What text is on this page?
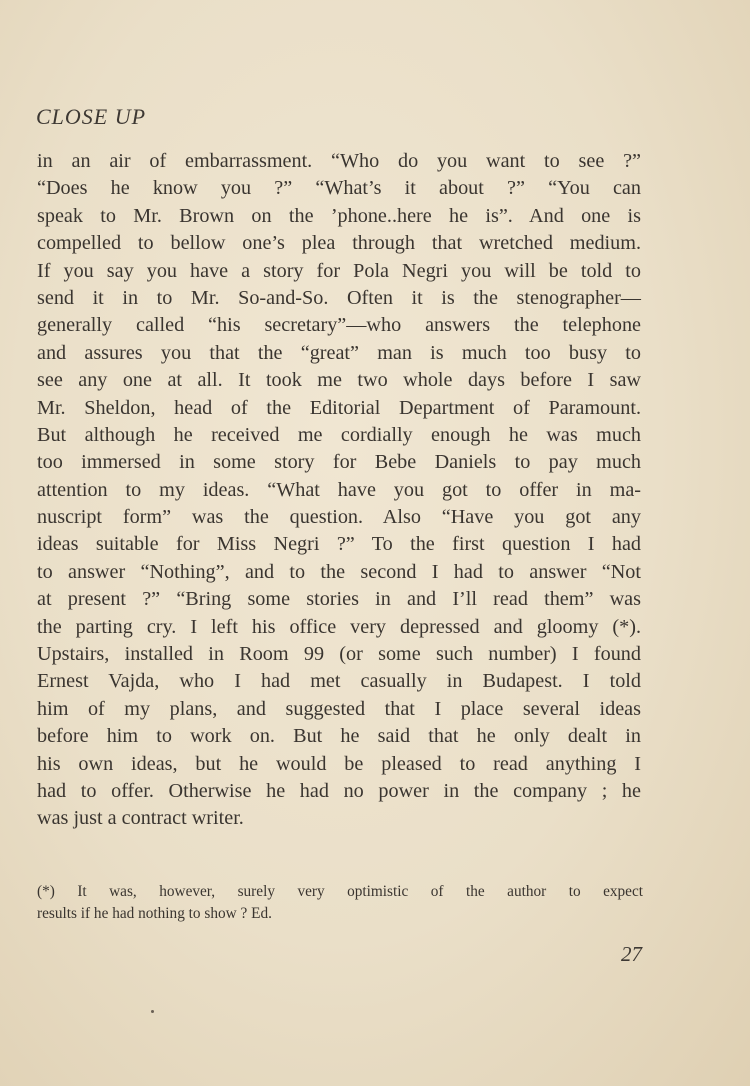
CLOSE UP
in an air of embarrassment. “Who do you want to see ?”
“Does he know you ?” “What’s it about ?” “You can
speak to Mr. Brown on the ’phone..here he is”. And one is
compelled to bellow one’s plea through that wretched medium.
If you say you have a story for Pola Negri you will be told to
send it in to Mr. So-and-So. Often it is the stenographer—
generally called “his secretary”—who answers the telephone
and assures you that the “great” man is much too busy to
see any one at all. It took me two whole days before I saw
Mr. Sheldon, head of the Editorial Department of Paramount.
But although he received me cordially enough he was much
too immersed in some story for Bebe Daniels to pay much
attention to my ideas. “What have you got to offer in ma-
nuscript form” was the question. Also “Have you got any
ideas suitable for Miss Negri ?” To the first question I had
to answer “Nothing”, and to the second I had to answer “Not
at present ?” “Bring some stories in and I’ll read them” was
the parting cry. I left his office very depressed and gloomy (*).
Upstairs, installed in Room 99 (or some such number) I found
Ernest Vajda, who I had met casually in Budapest. I told
him of my plans, and suggested that I place several ideas
before him to work on. But he said that he only dealt in
his own ideas, but he would be pleased to read anything I
had to offer. Otherwise he had no power in the company ; he
was just a contract writer.
(*) It was, however, surely very optimistic of the author to expect
results if he had nothing to show ? Ed.
27
